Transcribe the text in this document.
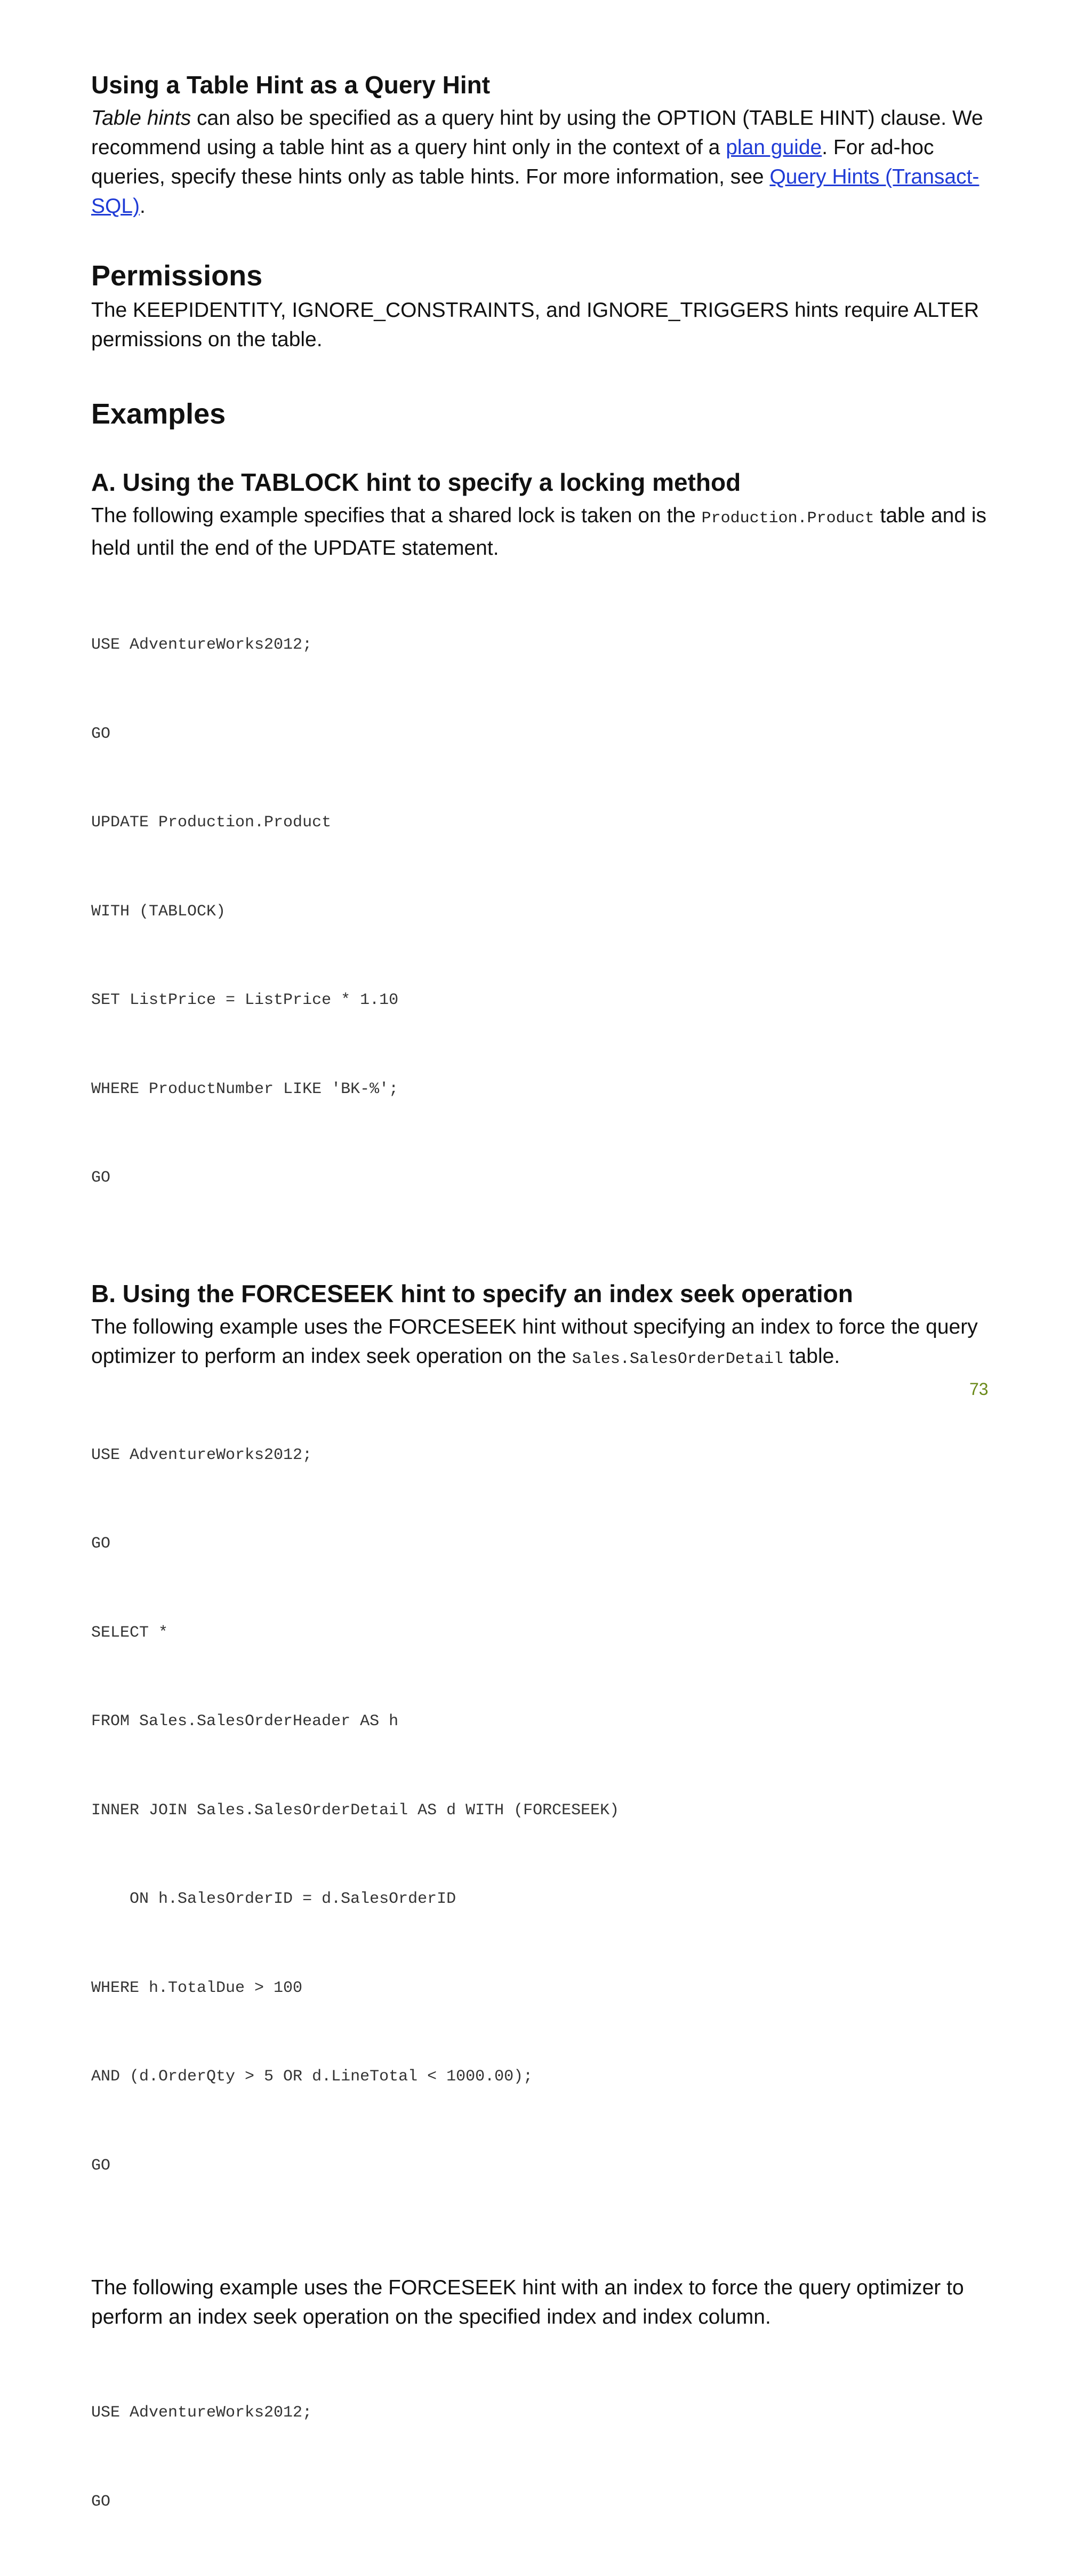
Using a Table Hint as a Query Hint

Table hints can also be specified as a query hint by using the OPTION (TABLE HINT) clause. We recommend using a table hint as a query hint only in the context of a plan guide. For ad-hoc queries, specify these hints only as table hints. For more information, see Query Hints (Transact-SQL).

Permissions

The KEEPIDENTITY, IGNORE_CONSTRAINTS, and IGNORE_TRIGGERS hints require ALTER permissions on the table.

Examples
A. Using the TABLOCK hint to specify a locking method

The following example specifies that a shared lock is taken on the Production.Product table and is held until the end of the UPDATE statement.

USE AdventureWorks2012;

GO

UPDATE Production.Product

WITH (TABLOCK)

SET ListPrice = ListPrice * 1.10

WHERE ProductNumber LIKE 'BK-%';

GO

B. Using the FORCESEEK hint to specify an index seek operation

The following example uses the FORCESEEK hint without specifying an index to force the query optimizer to perform an index seek operation on the Sales.SalesOrderDetail table.

USE AdventureWorks2012;

GO

SELECT *

FROM Sales.SalesOrderHeader AS h

INNER JOIN Sales.SalesOrderDetail AS d WITH (FORCESEEK)

ON h.SalesOrderID = d.SalesOrderID

WHERE h.TotalDue > 100

AND (d.OrderQty > 5 OR d.LineTotal < 1000.00);

GO

The following example uses the FORCESEEK hint with an index to force the query optimizer to perform an index seek operation on the specified index and index column.

USE AdventureWorks2012;

GO

73
